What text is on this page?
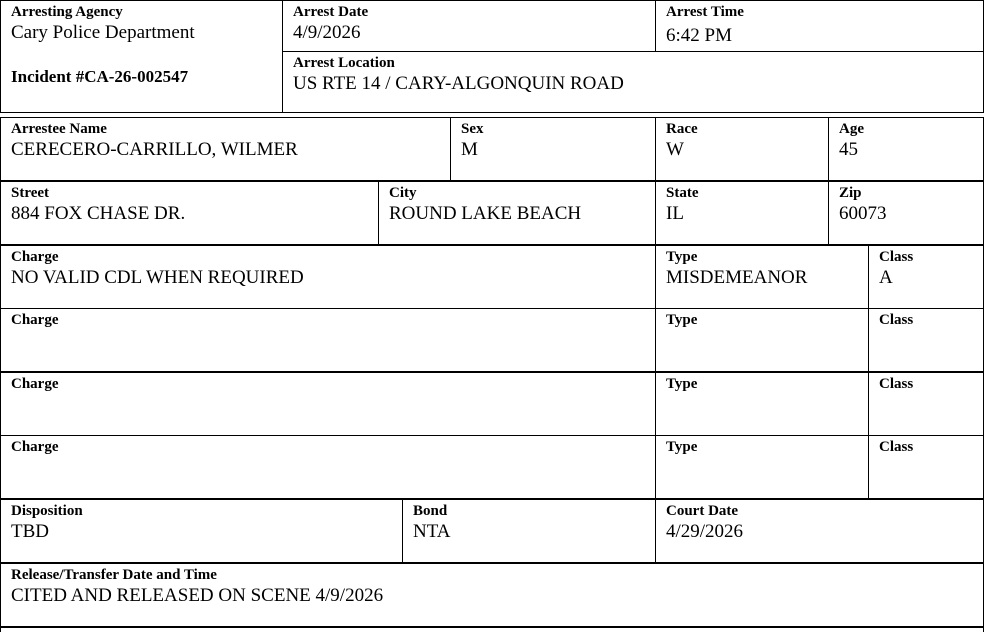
Arresting Agency
Cary Police Department
Incident #CA-26-002547
Arrest Date
4/9/2026
Arrest Time
6:42 PM
Arrest Location
US RTE 14 / CARY-ALGONQUIN ROAD
Arrestee Name
CERECERO-CARRILLO, WILMER
Sex
M
Race
W
Age
45
Street
884 FOX CHASE DR.
City
ROUND LAKE BEACH
State
IL
Zip
60073
Charge
NO VALID CDL WHEN REQUIRED
Type
MISDEMEANOR
Class
A
Charge	Type	Class
Charge	Type	Class
Charge	Type	Class
Disposition
TBD
Bond
NTA
Court Date
4/29/2026
Release/Transfer Date and Time
CITED AND RELEASED ON SCENE 4/9/2026
